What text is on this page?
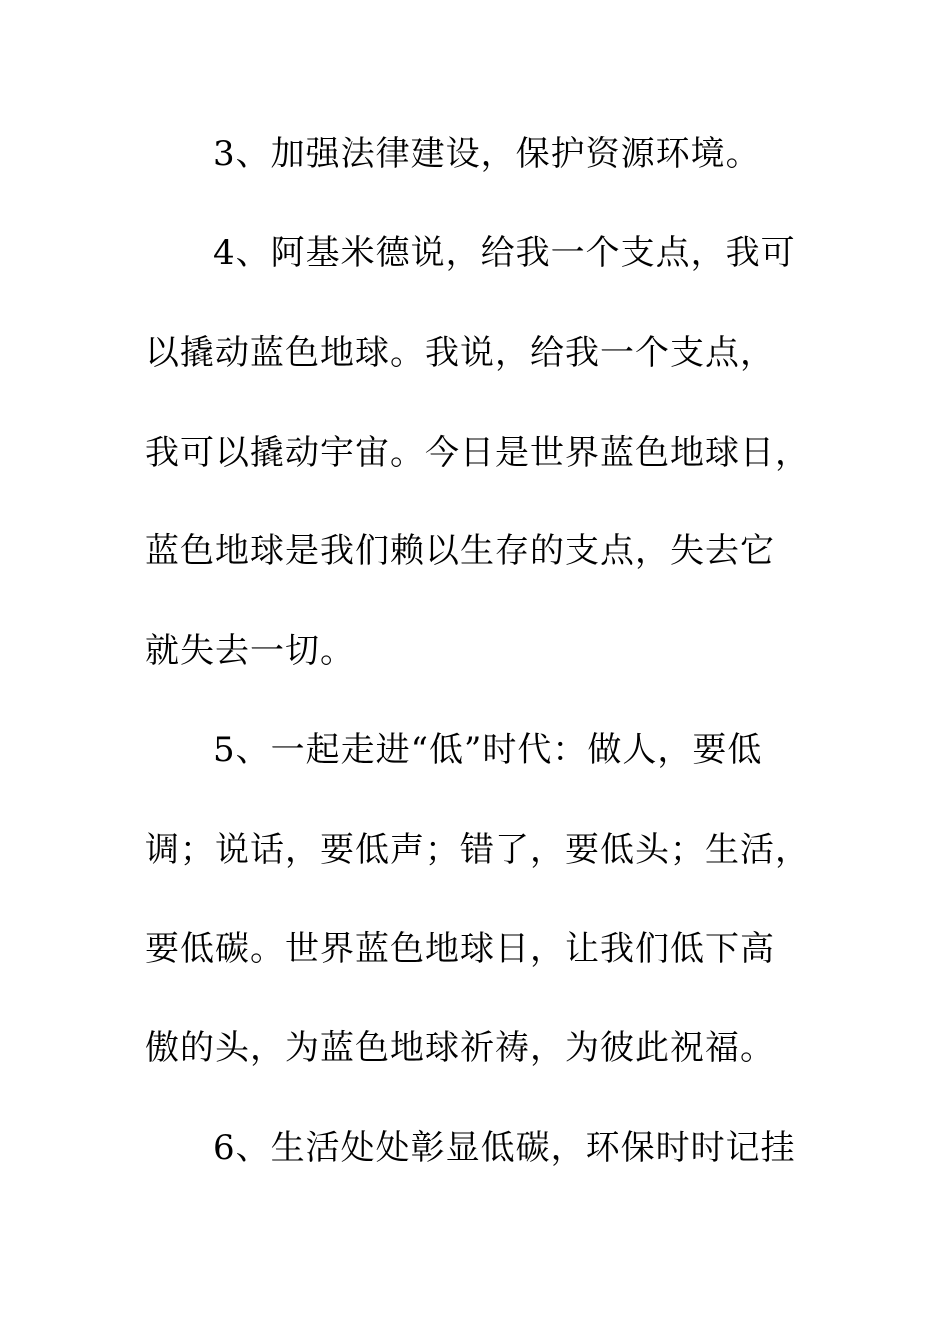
3、加强法律建设，保护资源环境。
4、阿基米德说，给我一个支点，我可
以撬动蓝色地球。我说，给我一个支点，
我可以撬动宇宙。今日是世界蓝色地球日，
蓝色地球是我们赖以生存的支点，失去它
就失去一切。
5、一起走进“低”时代：做人，要低
调；说话，要低声；错了，要低头；生活，
要低碳。世界蓝色地球日，让我们低下高
傲的头，为蓝色地球祈祷，为彼此祝福。
6、生活处处彰显低碳，环保时时记挂
